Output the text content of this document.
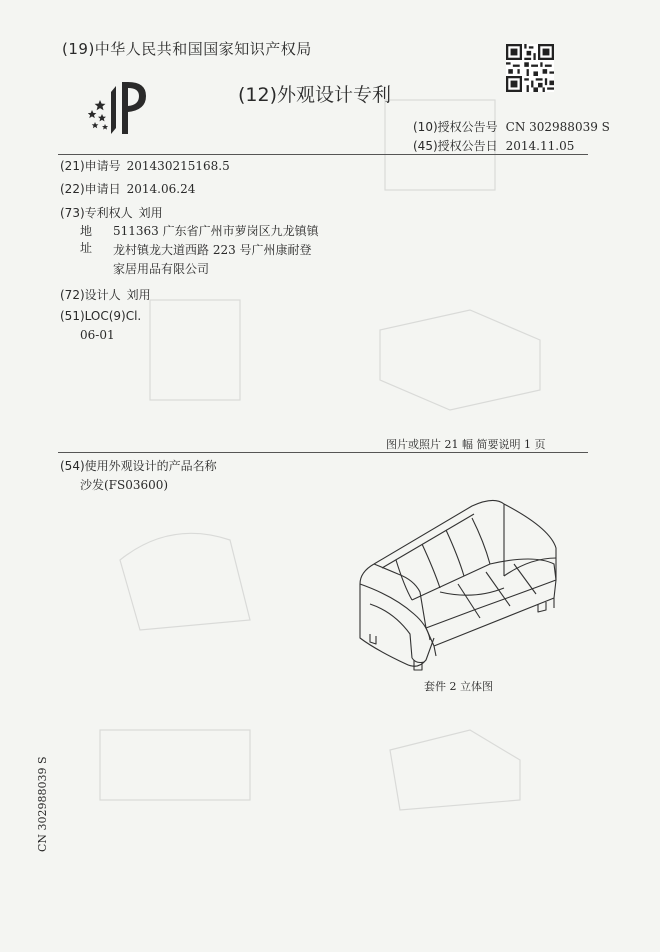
(19)中华人民共和国国家知识产权局
(12)外观设计专利
(10)授权公告号 CN 302988039 S
(45)授权公告日 2014.11.05
(21)申请号 201430215168.5
(22)申请日 2014.06.24
(73)专利权人 刘用
地址
511363 广东省广州市萝岗区九龙镇镇
龙村镇龙大道西路 223 号广州康耐登
家居用品有限公司
(72)设计人 刘用
(51)LOC(9)Cl.
06-01
图片或照片 21 幅 简要说明 1 页
(54)使用外观设计的产品名称
沙发(FS03600)
套件 2 立体图
CN 302988039 S
